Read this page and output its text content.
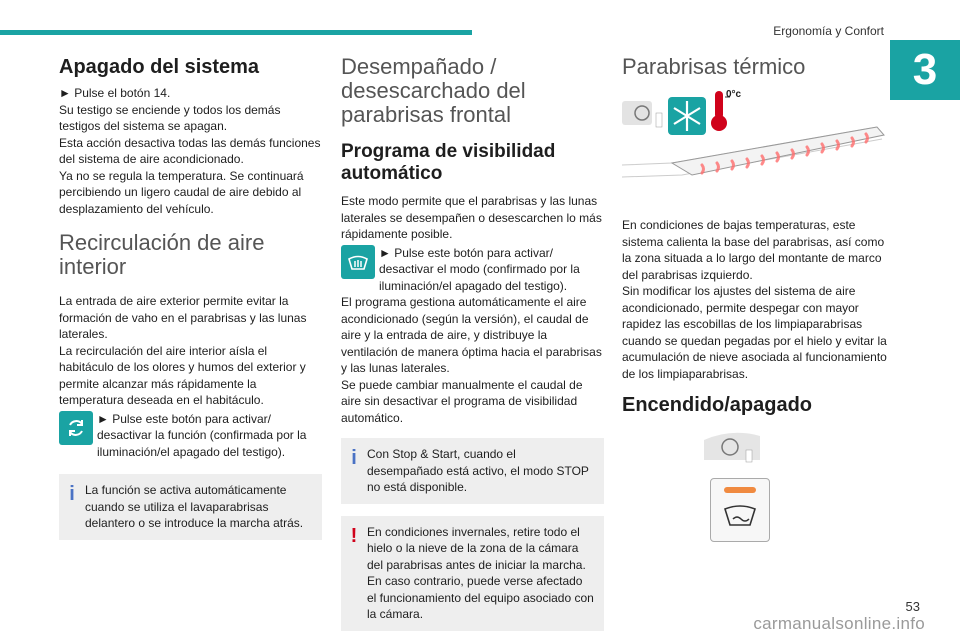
Ergonomía y Confort
3
Apagado del sistema

► Pulse el botón 14.

Su testigo se enciende y todos los demás testigos del sistema se apagan.

Esta acción desactiva todas las demás funciones del sistema de aire acondicionado.

Ya no se regula la temperatura. Se continuará percibiendo un ligero caudal de aire debido al desplazamiento del vehículo.

Recirculación de aire interior

La entrada de aire exterior permite evitar la formación de vaho en el parabrisas y las lunas laterales.

La recirculación del aire interior aísla el habitáculo de los olores y humos del exterior y permite alcanzar más rápidamente la temperatura deseada en el habitáculo.

► Pulse este botón para activar/ desactivar la función (confirmada por la iluminación/el apagado del testigo).

i La función se activa automáticamente cuando se utiliza el lavaparabrisas delantero o se introduce la marcha atrás.

Desempañado / desescarchado del parabrisas frontal
Programa de visibilidad automático

Este modo permite que el parabrisas y las lunas laterales se desempañen o desescarchen lo más rápidamente posible.

► Pulse este botón para activar/ desactivar el modo (confirmado por la iluminación/el apagado del testigo).

El programa gestiona automáticamente el aire acondicionado (según la versión), el caudal de aire y la entrada de aire, y distribuye la ventilación de manera óptima hacia el parabrisas y las lunas laterales.

Se puede cambiar manualmente el caudal de aire sin desactivar el programa de visibilidad automático.

i Con Stop & Start, cuando el desempañado está activo, el modo STOP no está disponible.

! En condiciones invernales, retire todo el hielo o la nieve de la zona de la cámara del parabrisas antes de iniciar la marcha.

En caso contrario, puede verse afectado el funcionamiento del equipo asociado con la cámara.

Parabrisas térmico
0°c

En condiciones de bajas temperaturas, este sistema calienta la base del parabrisas, así como la zona situada a lo largo del montante de marco del parabrisas izquierdo.

Sin modificar los ajustes del sistema de aire acondicionado, permite despegar con mayor rapidez las escobillas de los limpiaparabrisas cuando se quedan pegadas por el hielo y evitar la acumulación de nieve asociada al funcionamiento de los limpiaparabrisas.

Encendido/apagado
carmanualsonline.info
53
